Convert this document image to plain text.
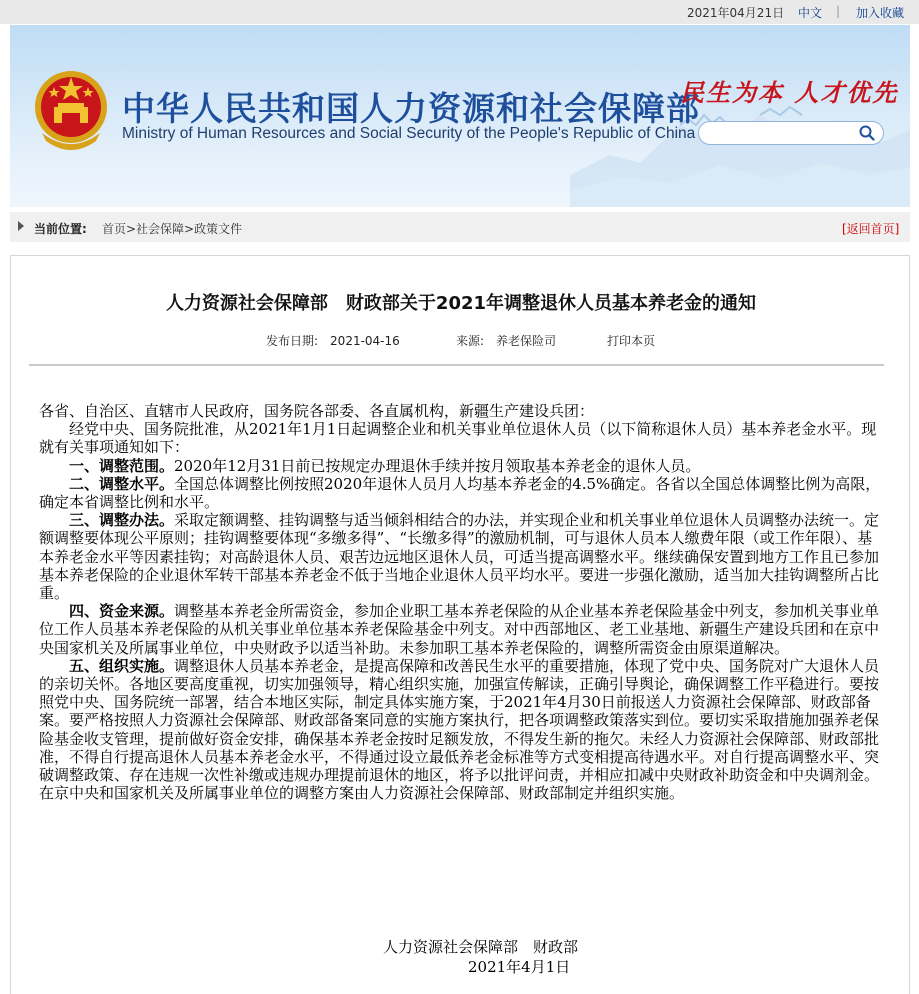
2021年04月21日 中文 | 加入收藏
中华人民共和国人力资源和社会保障部
Ministry of Human Resources and Social Security of the People's Republic of China
民生为本 人才优先
当前位置: 首页>社会保障>政策文件	[返回首页]
人力资源社会保障部　财政部关于2021年调整退休人员基本养老金的通知
发布日期:　2021-04-16	来源:　养老保险司	打印本页

各省、自治区、直辖市人民政府，国务院各部委、各直属机构，新疆生产建设兵团：

经党中央、国务院批准，从2021年1月1日起调整企业和机关事业单位退休人员（以下简称退休人员）基本养老金水平。现就有关事项通知如下：

一、调整范围。2020年12月31日前已按规定办理退休手续并按月领取基本养老金的退休人员。

二、调整水平。全国总体调整比例按照2020年退休人员月人均基本养老金的4.5%确定。各省以全国总体调整比例为高限，确定本省调整比例和水平。

三、调整办法。采取定额调整、挂钩调整与适当倾斜相结合的办法，并实现企业和机关事业单位退休人员调整办法统一。定额调整要体现公平原则；挂钩调整要体现“多缴多得”、“长缴多得”的激励机制，可与退休人员本人缴费年限（或工作年限）、基本养老金水平等因素挂钩；对高龄退休人员、艰苦边远地区退休人员，可适当提高调整水平。继续确保安置到地方工作且已参加基本养老保险的企业退休军转干部基本养老金不低于当地企业退休人员平均水平。要进一步强化激励，适当加大挂钩调整所占比重。

四、资金来源。调整基本养老金所需资金，参加企业职工基本养老保险的从企业基本养老保险基金中列支，参加机关事业单位工作人员基本养老保险的从机关事业单位基本养老保险基金中列支。对中西部地区、老工业基地、新疆生产建设兵团和在京中央国家机关及所属事业单位，中央财政予以适当补助。未参加职工基本养老保险的，调整所需资金由原渠道解决。

五、组织实施。调整退休人员基本养老金，是提高保障和改善民生水平的重要措施，体现了党中央、国务院对广大退休人员的亲切关怀。各地区要高度重视，切实加强领导，精心组织实施，加强宣传解读，正确引导舆论，确保调整工作平稳进行。要按照党中央、国务院统一部署，结合本地区实际，制定具体实施方案，于2021年4月30日前报送人力资源社会保障部、财政部备案。要严格按照人力资源社会保障部、财政部备案同意的实施方案执行，把各项调整政策落实到位。要切实采取措施加强养老保险基金收支管理，提前做好资金安排，确保基本养老金按时足额发放，不得发生新的拖欠。未经人力资源社会保障部、财政部批准，不得自行提高退休人员基本养老金水平，不得通过设立最低养老金标准等方式变相提高待遇水平。对自行提高调整水平、突破调整政策、存在违规一次性补缴或违规办理提前退休的地区，将予以批评问责，并相应扣减中央财政补助资金和中央调剂金。在京中央和国家机关及所属事业单位的调整方案由人力资源社会保障部、财政部制定并组织实施。

人力资源社会保障部　财政部
2021年4月1日
